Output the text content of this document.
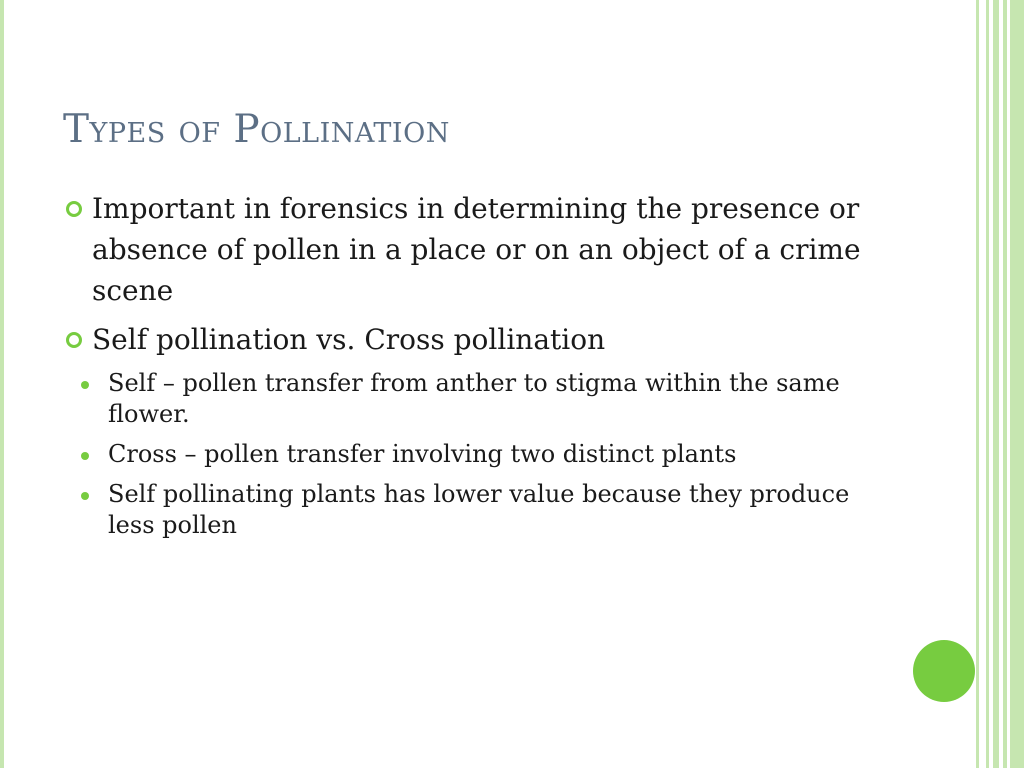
Types of Pollination
Important in forensics in determining the presence or absence of pollen in a place or on an object of a crime scene
Self pollination vs. Cross pollination
Self – pollen transfer from anther to stigma within the same flower.
Cross – pollen transfer involving two distinct plants
Self pollinating plants has lower value because they produce less pollen
